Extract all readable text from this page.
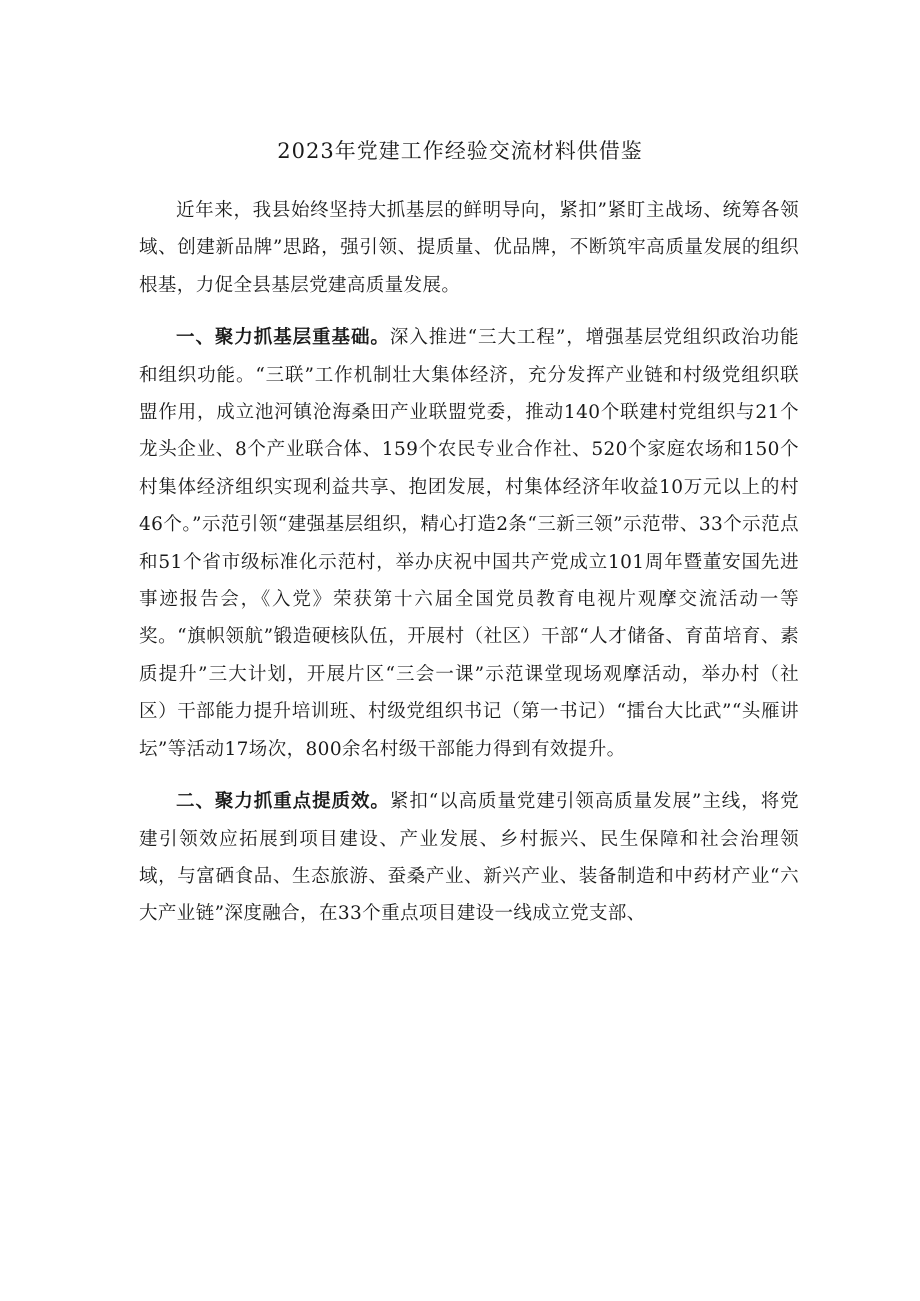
2023年党建工作经验交流材料供借鉴

近年来，我县始终坚持大抓基层的鲜明导向，紧扣”紧盯主战场、统筹各领域、创建新品牌”思路，强引领、提质量、优品牌，不断筑牢高质量发展的组织根基，力促全县基层党建高质量发展。

一、聚力抓基层重基础。深入推进“三大工程”，增强基层党组织政治功能和组织功能。“三联”工作机制壮大集体经济，充分发挥产业链和村级党组织联盟作用，成立池河镇沧海桑田产业联盟党委，推动140个联建村党组织与21个龙头企业、8个产业联合体、159个农民专业合作社、520个家庭农场和150个村集体经济组织实现利益共享、抱团发展，村集体经济年收益10万元以上的村46个。”示范引领“建强基层组织，精心打造2条“三新三领”示范带、33个示范点和51个省市级标准化示范村，举办庆祝中国共产党成立101周年暨董安国先进事迹报告会，《入党》荣获第十六届全国党员教育电视片观摩交流活动一等奖。“旗帜领航”锻造硬核队伍，开展村（社区）干部“人才储备、育苗培育、素质提升”三大计划，开展片区“三会一课”示范课堂现场观摩活动，举办村（社区）干部能力提升培训班、村级党组织书记（第一书记）“擂台大比武”“头雁讲坛”等活动17场次，800余名村级干部能力得到有效提升。

二、聚力抓重点提质效。紧扣“以高质量党建引领高质量发展”主线，将党建引领效应拓展到项目建设、产业发展、乡村振兴、民生保障和社会治理领域，与富硒食品、生态旅游、蚕桑产业、新兴产业、装备制造和中药材产业“六大产业链”深度融合，在33个重点项目建设一线成立党支部、
